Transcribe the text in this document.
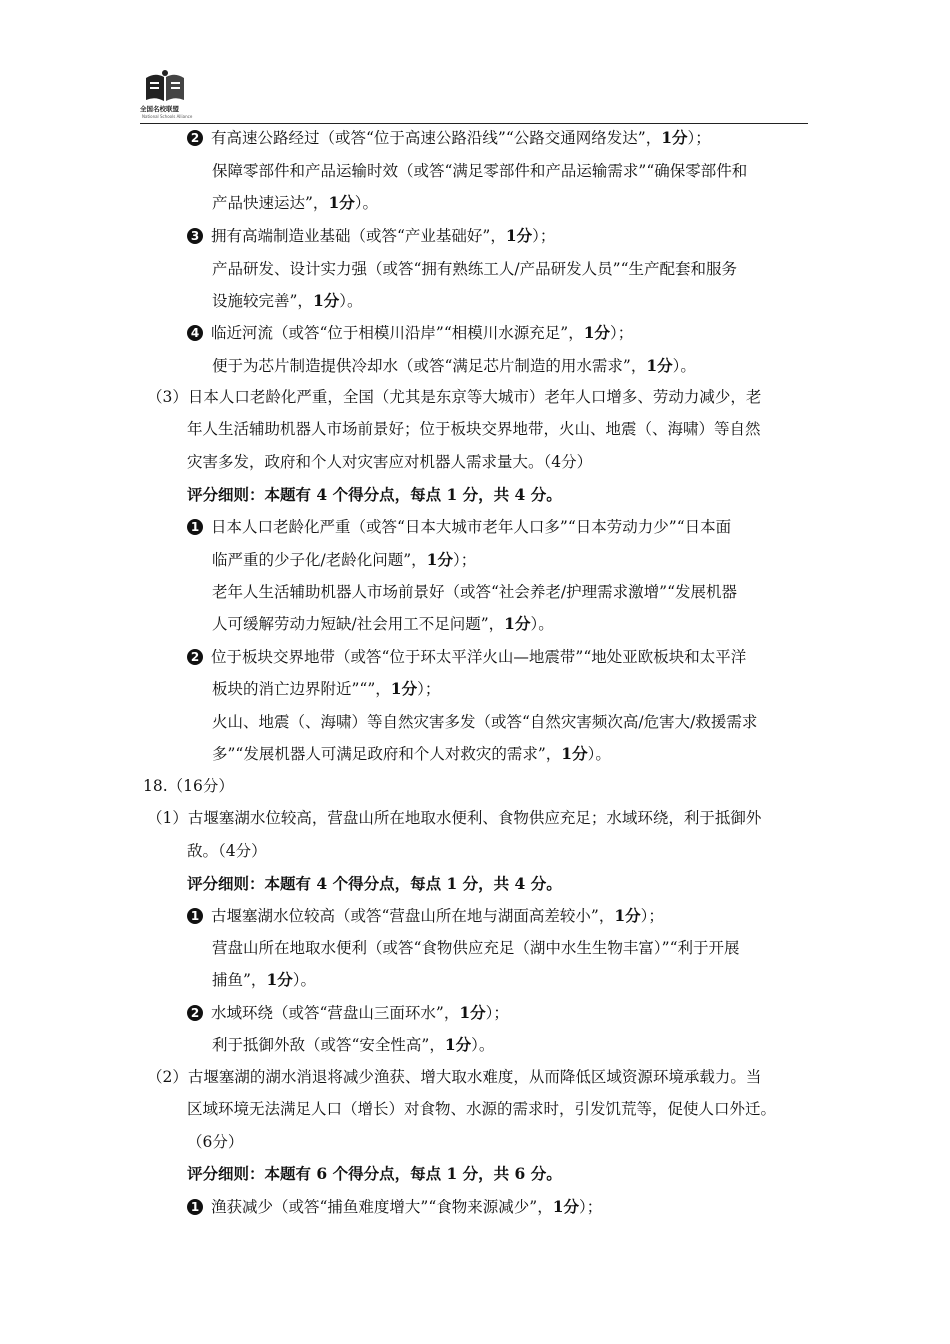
全国名校联盟
National Schools Alliance
2 有高速公路经过（或答“位于高速公路沿线”“公路交通网络发达”，1分）；
保障零部件和产品运输时效（或答“满足零部件和产品运输需求”“确保零部件和
产品快速运达”，1分）。
3 拥有高端制造业基础（或答“产业基础好”，1分）；
产品研发、设计实力强（或答“拥有熟练工人/产品研发人员”“生产配套和服务
设施较完善”，1分）。
4 临近河流（或答“位于相模川沿岸”“相模川水源充足”，1分）；
便于为芯片制造提供冷却水（或答“满足芯片制造的用水需求”，1分）。
（3）日本人口老龄化严重，全国（尤其是东京等大城市）老年人口增多、劳动力减少，老
年人生活辅助机器人市场前景好；位于板块交界地带，火山、地震（、海啸）等自然
灾害多发，政府和个人对灾害应对机器人需求量大。（4分）
评分细则：本题有 4 个得分点，每点 1 分，共 4 分。
1 日本人口老龄化严重（或答“日本大城市老年人口多”“日本劳动力少”“日本面
临严重的少子化/老龄化问题”，1分）；
老年人生活辅助机器人市场前景好（或答“社会养老/护理需求激增”“发展机器
人可缓解劳动力短缺/社会用工不足问题”，1分）。
2 位于板块交界地带（或答“位于环太平洋火山—地震带”“地处亚欧板块和太平洋
板块的消亡边界附近”“”，1分）；
火山、地震（、海啸）等自然灾害多发（或答“自然灾害频次高/危害大/救援需求
多”“发展机器人可满足政府和个人对救灾的需求”，1分）。
18.（16分）
（1）古堰塞湖水位较高，营盘山所在地取水便利、食物供应充足；水域环绕，利于抵御外
敌。（4分）
评分细则：本题有 4 个得分点，每点 1 分，共 4 分。
1 古堰塞湖水位较高（或答“营盘山所在地与湖面高差较小”，1分）；
营盘山所在地取水便利（或答“食物供应充足（湖中水生生物丰富）”“利于开展
捕鱼”，1分）。
2 水域环绕（或答“营盘山三面环水”，1分）；
利于抵御外敌（或答“安全性高”，1分）。
（2）古堰塞湖的湖水消退将减少渔获、增大取水难度，从而降低区域资源环境承载力。当
区域环境无法满足人口（增长）对食物、水源的需求时，引发饥荒等，促使人口外迁。
（6分）
评分细则：本题有 6 个得分点，每点 1 分，共 6 分。
1 渔获减少（或答“捕鱼难度增大”“食物来源减少”，1分）；
